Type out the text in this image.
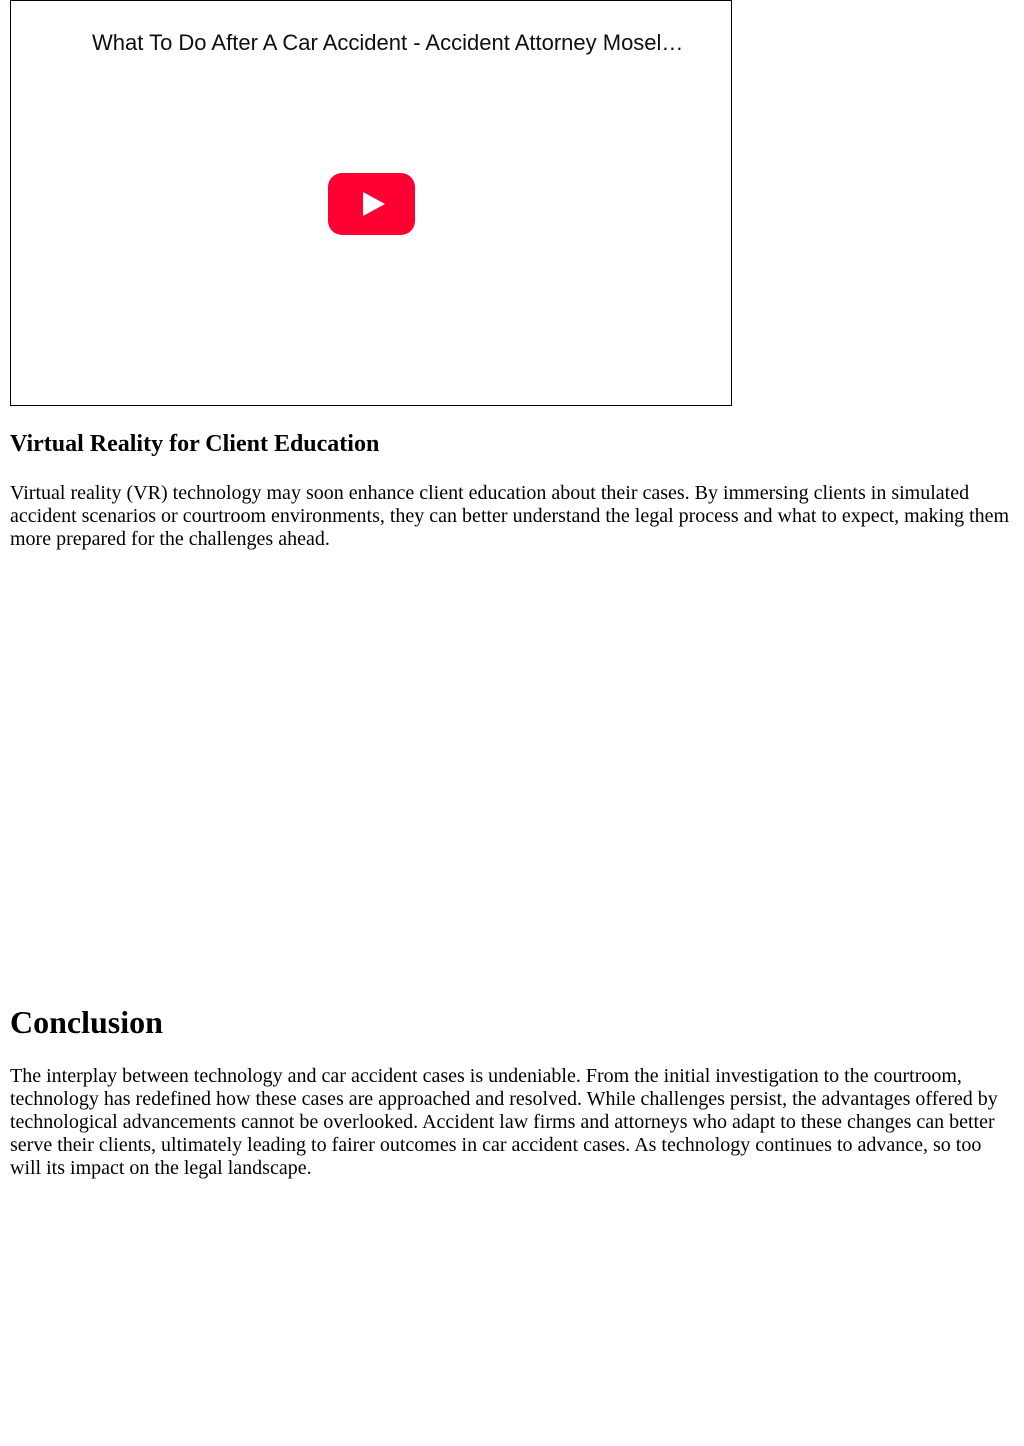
What To Do After A Car Accident - Accident Attorney Mosel…
Virtual Reality for Client Education

Virtual reality (VR) technology may soon enhance client education about their cases. By immersing clients in simulated accident scenarios or courtroom environments, they can better understand the legal process and what to expect, making them more prepared for the challenges ahead.

Conclusion

The interplay between technology and car accident cases is undeniable. From the initial investigation to the courtroom, technology has redefined how these cases are approached and resolved. While challenges persist, the advantages offered by technological advancements cannot be overlooked. Accident law firms and attorneys who adapt to these changes can better serve their clients, ultimately leading to fairer outcomes in car accident cases. As technology continues to advance, so too will its impact on the legal landscape.
